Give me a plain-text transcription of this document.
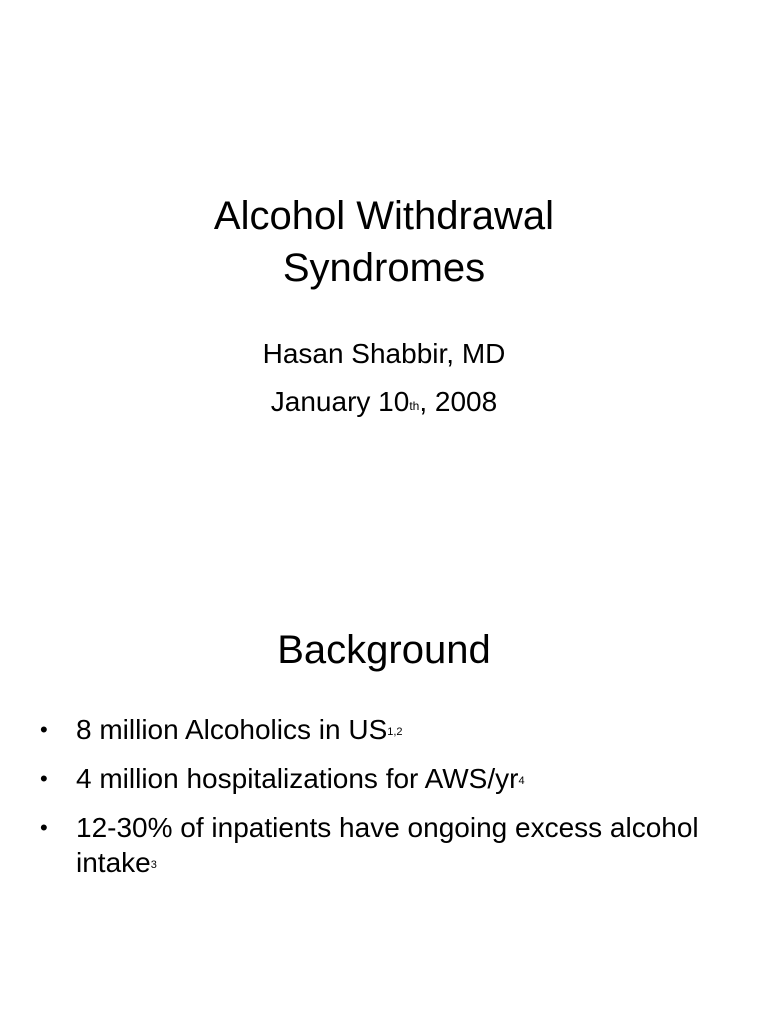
Alcohol Withdrawal
Syndromes

Hasan Shabbir, MD

January 10th, 2008

Background
• 8 million Alcoholics in US$^{1,2}$
• 4 million hospitalizations for AWS/$yr^4$
• 12-30% of inpatients have ongoing excess alcohol intake$^3$
